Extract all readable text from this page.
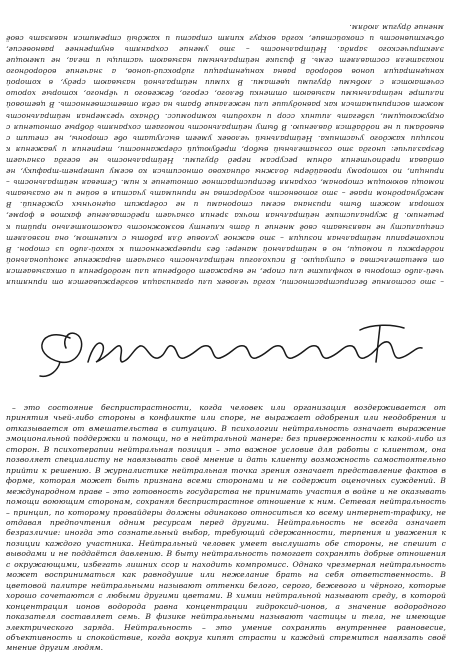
– это состояние беспристрастности, когда человек или организация воздерживается от принятия чьей-либо стороны в конфликте или споре, не выражает одобрения или неодобрения и отказывается от вмешательства в ситуацию. В психологии нейтральность означает выражение эмоциональной поддержки и помощи, но в нейтральной манере: без приверженности к какой-либо из сторон. В психотерапии нейтральная позиция – это важное условие для работы с клиентом, она позволяет специалисту не навязывать своё мнение и дать клиенту возможность самостоятельно прийти к решению. В журналистике нейтральная точка зрения означает представление фактов в форме, которая может быть признана всеми сторонами и не содержит оценочных суждений. В международном праве – это готовность государства не принимать участия в войне и не оказывать помощи воюющим сторонам, сохраняя беспристрастное отношение к ним. Сетевая нейтральность – принцип, по которому провайдеры должны одинаково относиться ко всему интернет-трафику, не отдавая предпочтения одним ресурсам перед другими. Нейтральность не всегда означает безразличие: иногда это сознательный выбор, требующий сдержанности, терпения и уважения к позиции каждого участника. Нейтральный человек умеет выслушать обе стороны, не спешит с выводами и не поддаётся давлению. В быту нейтральность помогает сохранять добрые отношения с окружающими, избегать лишних ссор и находить компромисс. Однако чрезмерная нейтральность может восприниматься как равнодушие или нежелание брать на себя ответственность. В цветовой палитре нейтральными называют оттенки белого, серого, бежевого и чёрного, которые хорошо сочетаются с любыми другими цветами. В химии нейтральной называют среду, в которой концентрация ионов водорода равна концентрации гидроксид-ионов, а значение водородного показателя составляет семь. В физике нейтральными называют частицы и тела, не имеющие электрического заряда. Нейтральность – это умение сохранять внутреннее равновесие, объективность и спокойствие, когда вокруг кипят страсти и каждый стремится навязать своё мнение другим людям.

– это состояние беспристрастности, когда человек или организация воздерживается от принятия чьей-либо стороны в конфликте или споре, не выражает одобрения или неодобрения и отказывается от вмешательства в ситуацию. В психологии нейтральность означает выражение эмоциональной поддержки и помощи, но в нейтральной манере: без приверженности к какой-либо из сторон. В психотерапии нейтральная позиция – это важное условие для работы с клиентом, она позволяет специалисту не навязывать своё мнение и дать клиенту возможность самостоятельно прийти к решению. В журналистике нейтральная точка зрения означает представление фактов в форме, которая может быть признана всеми сторонами и не содержит оценочных суждений. В международном праве – это готовность государства не принимать участия в войне и не оказывать помощи воюющим сторонам, сохраняя беспристрастное отношение к ним. Сетевая нейтральность – принцип, по которому провайдеры должны одинаково относиться ко всему интернет-трафику, не отдавая предпочтения одним ресурсам перед другими. Нейтральность не всегда означает безразличие: иногда это сознательный выбор, требующий сдержанности, терпения и уважения к позиции каждого участника. Нейтральный человек умеет выслушать обе стороны, не спешит с выводами и не поддаётся давлению. В быту нейтральность помогает сохранять добрые отношения с окружающими, избегать лишних ссор и находить компромисс. Однако чрезмерная нейтральность может восприниматься как равнодушие или нежелание брать на себя ответственность. В цветовой палитре нейтральными называют оттенки белого, серого, бежевого и чёрного, которые хорошо сочетаются с любыми другими цветами. В химии нейтральной называют среду, в которой концентрация ионов водорода равна концентрации гидроксид-ионов, а значение водородного показателя составляет семь. В физике нейтральными называют частицы и тела, не имеющие электрического заряда. Нейтральность – это умение сохранять внутреннее равновесие, объективность и спокойствие, когда вокруг кипят страсти и каждый стремится навязать своё мнение другим людям.
